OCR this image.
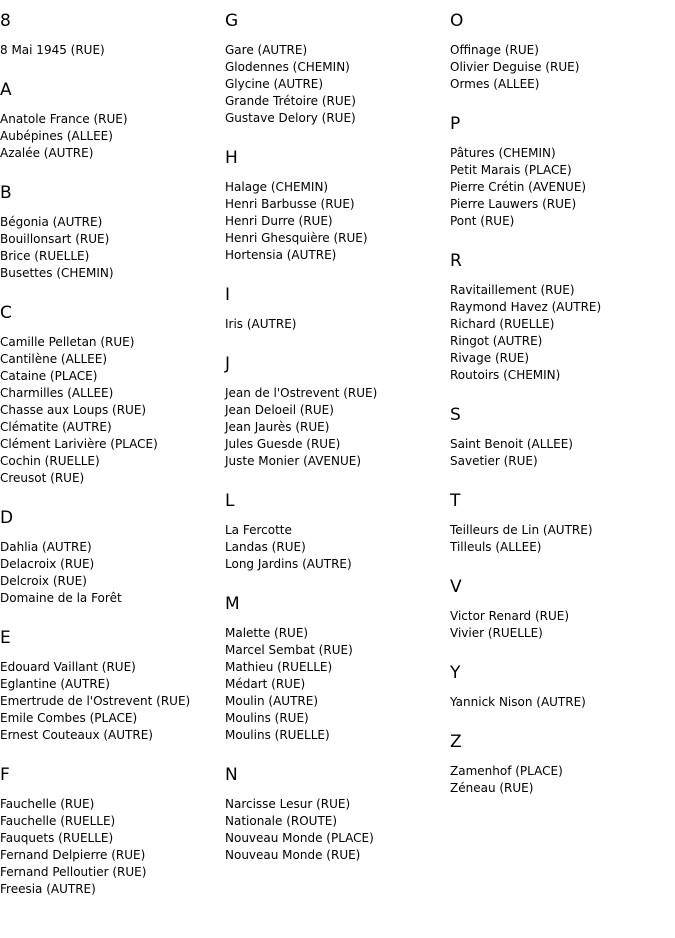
8
8 Mai 1945 (RUE)
A
Anatole France (RUE)
Aubépines (ALLEE)
Azalée (AUTRE)
B
Bégonia (AUTRE)
Bouillonsart (RUE)
Brice (RUELLE)
Busettes (CHEMIN)
C
Camille Pelletan (RUE)
Cantilène (ALLEE)
Cataine (PLACE)
Charmilles (ALLEE)
Chasse aux Loups (RUE)
Clématite (AUTRE)
Clément Larivière (PLACE)
Cochin (RUELLE)
Creusot (RUE)
D
Dahlia (AUTRE)
Delacroix (RUE)
Delcroix (RUE)
Domaine de la Forêt
E
Edouard Vaillant (RUE)
Eglantine (AUTRE)
Emertrude de l'Ostrevent (RUE)
Emile Combes (PLACE)
Ernest Couteaux (AUTRE)
F
Fauchelle (RUE)
Fauchelle (RUELLE)
Fauquets (RUELLE)
Fernand Delpierre (RUE)
Fernand Pelloutier (RUE)
Freesia (AUTRE)
G
Gare (AUTRE)
Glodennes (CHEMIN)
Glycine (AUTRE)
Grande Trétoire (RUE)
Gustave Delory (RUE)
H
Halage (CHEMIN)
Henri Barbusse (RUE)
Henri Durre (RUE)
Henri Ghesquière (RUE)
Hortensia (AUTRE)
I
Iris (AUTRE)
J
Jean de l'Ostrevent (RUE)
Jean Deloeil (RUE)
Jean Jaurès (RUE)
Jules Guesde (RUE)
Juste Monier (AVENUE)
L
La Fercotte
Landas (RUE)
Long Jardins (AUTRE)
M
Malette (RUE)
Marcel Sembat (RUE)
Mathieu (RUELLE)
Médart (RUE)
Moulin (AUTRE)
Moulins (RUE)
Moulins (RUELLE)
N
Narcisse Lesur (RUE)
Nationale (ROUTE)
Nouveau Monde (PLACE)
Nouveau Monde (RUE)
O
Offinage (RUE)
Olivier Deguise (RUE)
Ormes (ALLEE)
P
Pâtures (CHEMIN)
Petit Marais (PLACE)
Pierre Crétin (AVENUE)
Pierre Lauwers (RUE)
Pont (RUE)
R
Ravitaillement (RUE)
Raymond Havez (AUTRE)
Richard (RUELLE)
Ringot (AUTRE)
Rivage (RUE)
Routoirs (CHEMIN)
S
Saint Benoit (ALLEE)
Savetier (RUE)
T
Teilleurs de Lin (AUTRE)
Tilleuls (ALLEE)
V
Victor Renard (RUE)
Vivier (RUELLE)
Y
Yannick Nison (AUTRE)
Z
Zamenhof (PLACE)
Zéneau (RUE)
